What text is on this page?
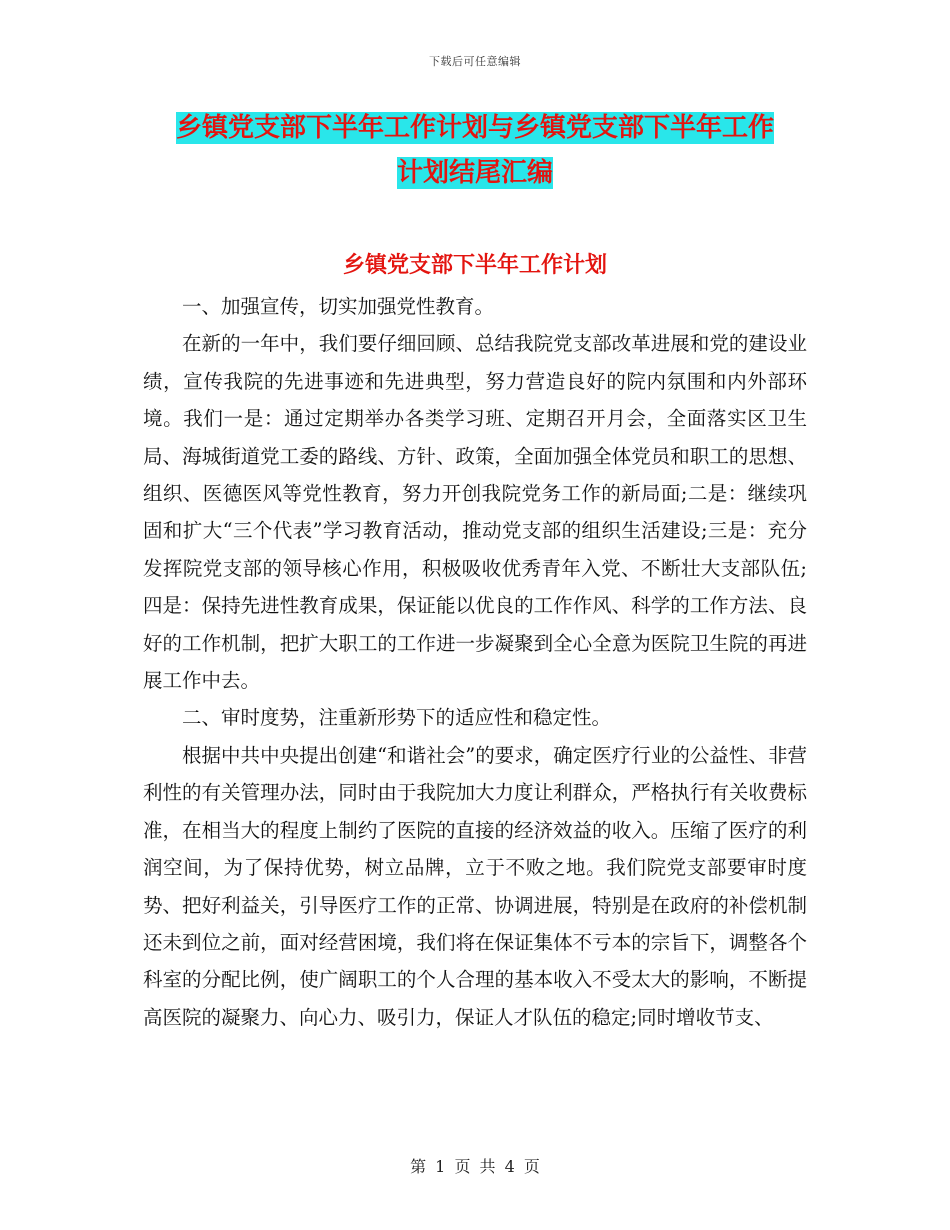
下载后可任意编辑
乡镇党支部下半年工作计划与乡镇党支部下半年工作
计划结尾汇编
乡镇党支部下半年工作计划

一、加强宣传，切实加强党性教育。

在新的一年中，我们要仔细回顾、总结我院党支部改革进展和党的建设业绩，宣传我院的先进事迹和先进典型，努力营造良好的院内氛围和内外部环境。我们一是：通过定期举办各类学习班、定期召开月会，全面落实区卫生局、海城街道党工委的路线、方针、政策，全面加强全体党员和职工的思想、组织、医德医风等党性教育，努力开创我院党务工作的新局面;二是：继续巩固和扩大“三个代表”学习教育活动，推动党支部的组织生活建设;三是：充分发挥院党支部的领导核心作用，积极吸收优秀青年入党、不断壮大支部队伍;四是：保持先进性教育成果，保证能以优良的工作作风、科学的工作方法、良好的工作机制，把扩大职工的工作进一步凝聚到全心全意为医院卫生院的再进展工作中去。

二、审时度势，注重新形势下的适应性和稳定性。

根据中共中央提出创建“和谐社会”的要求，确定医疗行业的公益性、非营利性的有关管理办法，同时由于我院加大力度让利群众，严格执行有关收费标准，在相当大的程度上制约了医院的直接的经济效益的收入。压缩了医疗的利润空间，为了保持优势，树立品牌，立于不败之地。我们院党支部要审时度势、把好利益关，引导医疗工作的正常、协调进展，特别是在政府的补偿机制还未到位之前，面对经营困境，我们将在保证集体不亏本的宗旨下，调整各个科室的分配比例，使广阔职工的个人合理的基本收入不受太大的影响，不断提高医院的凝聚力、向心力、吸引力，保证人才队伍的稳定;同时增收节支、

第 1 页 共 4 页
